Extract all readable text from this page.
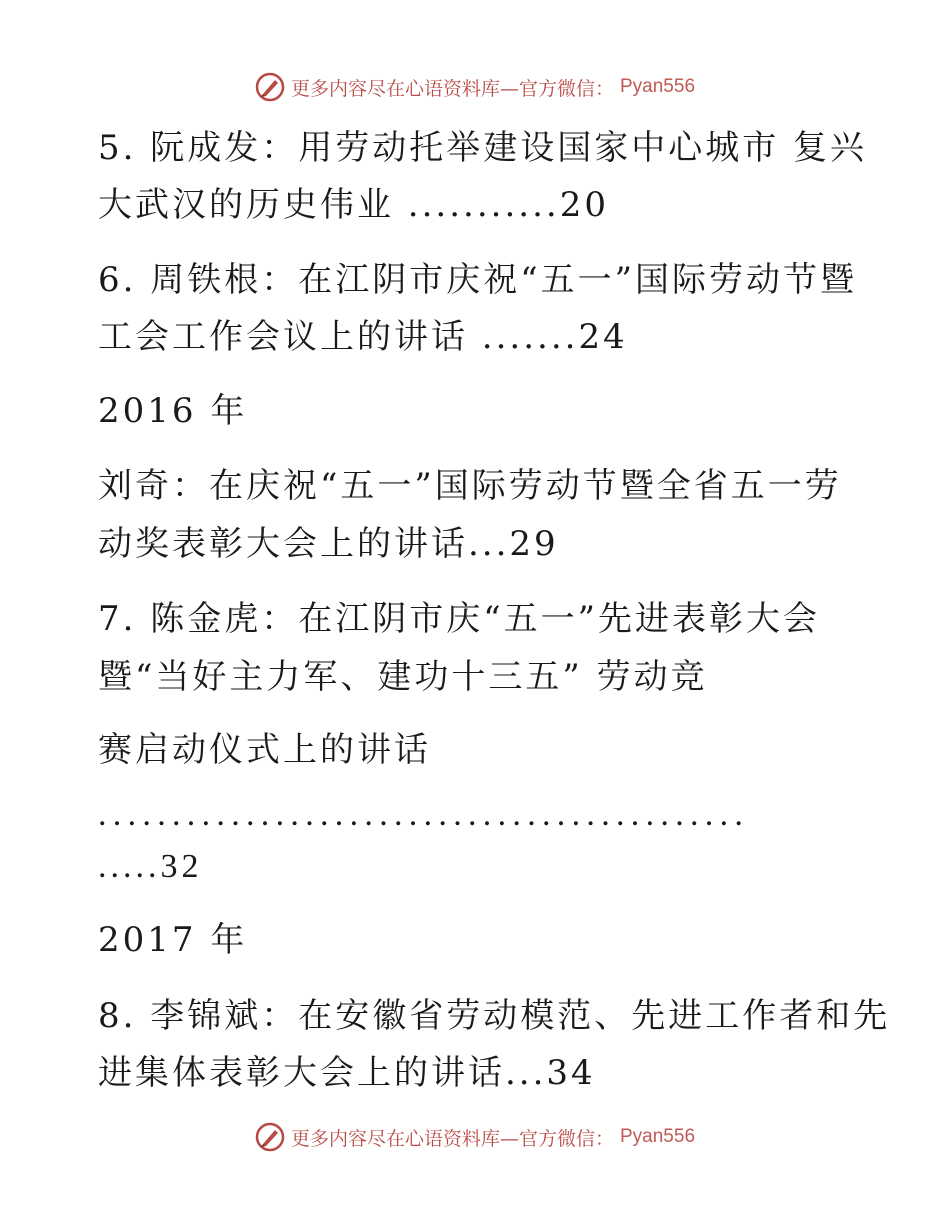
更多内容尽在心语资料库—官方微信： Pyan556
5. 阮成发：用劳动托举建设国家中心城市 复兴
大武汉的历史伟业 ...........20
6. 周铁根：在江阴市庆祝“五一”国际劳动节暨
工会工作会议上的讲话 .......24
2016 年
刘奇：在庆祝“五一”国际劳动节暨全省五一劳
动奖表彰大会上的讲话...29
7. 陈金虎：在江阴市庆“五一”先进表彰大会
暨“当好主力军、建功十三五” 劳动竞
赛启动仪式上的讲话
............................................
.....32
2017 年
8. 李锦斌：在安徽省劳动模范、先进工作者和先
进集体表彰大会上的讲话...34
更多内容尽在心语资料库—官方微信： Pyan556
